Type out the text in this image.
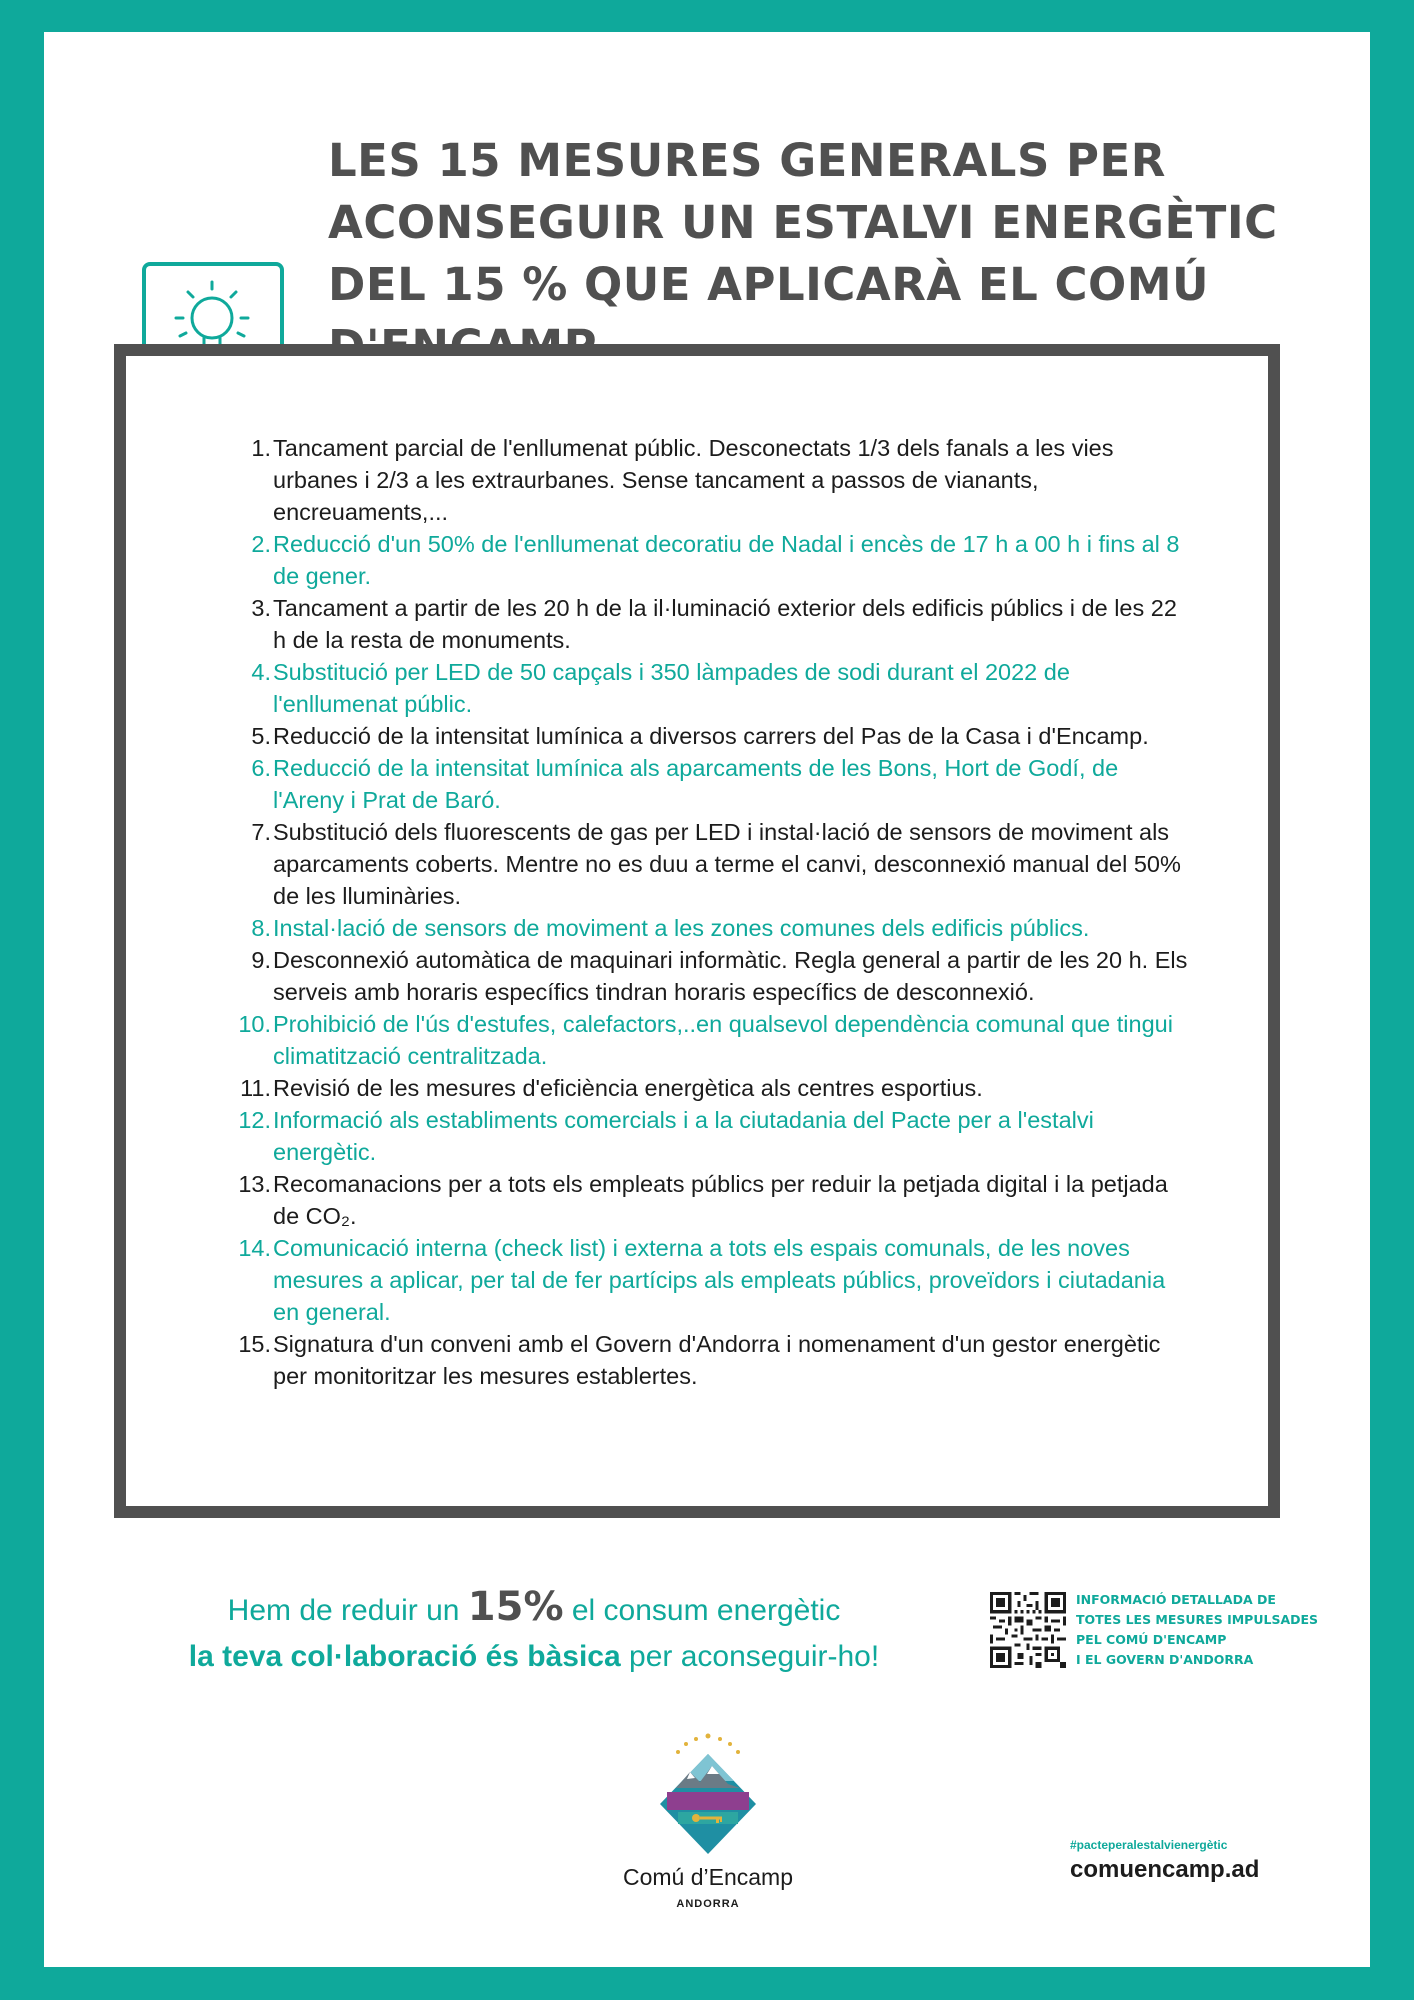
LES 15 MESURES GENERALS PER ACONSEGUIR UN ESTALVI ENERGÈTIC DEL 15 % QUE APLICARÀ EL COMÚ
1. Tancament parcial de l'enllumenat públic. Desconectats 1/3 dels fanals a les vies urbanes i 2/3 a les extraurbanes. Sense tancament a passos de vianants, encreuaments,...
2. Reducció d'un 50% de l'enllumenat decoratiu de Nadal i encès de 17 h a 00 h i fins al 8 de gener.
3. Tancament a partir de les 20 h de la il·luminació exterior dels edificis públics i de les 22 h de la resta de monuments.
4. Substitució per LED de 50 capçals i 350 làmpades de sodi durant el 2022 de l'enllumenat públic.
5. Reducció de la intensitat lumínica a diversos carrers del Pas de la Casa i d'Encamp.
6. Reducció de la intensitat lumínica als aparcaments de les Bons, Hort de Godí, de l'Areny i Prat de Baró.
7. Substitució dels fluorescents de gas per LED i instal·lació de sensors de moviment als aparcaments coberts. Mentre no es duu a terme el canvi, desconnexió manual del 50% de les lluminàries.
8. Instal·lació de sensors de moviment a les zones comunes dels edificis públics.
9. Desconnexió automàtica de maquinari informàtic. Regla general a partir de les 20 h. Els serveis amb horaris específics tindran horaris específics de desconnexió.
10. Prohibició de l'ús d'estufes, calefactors,..en qualsevol dependència comunal que tingui climatització centralitzada.
11. Revisió de les mesures d'eficiència energètica als centres esportius.
12. Informació als establiments comercials i a la ciutadania del Pacte per a l'estalvi energètic.
13. Recomanacions per a tots els empleats públics per reduir la petjada digital i la petjada de CO₂.
14. Comunicació interna (check list) i externa a tots els espais comunals, de les noves mesures a aplicar, per tal de fer partícips als empleats públics, proveïdors i ciutadania en general.
15. Signatura d'un conveni amb el Govern d'Andorra i nomenament d'un gestor energètic per monitoritzar les mesures establertes.
Hem de reduir un 15% el consum energètic
la teva col·laboració és bàsica per aconseguir-ho!
INFORMACIÓ DETALLADA DE
TOTES LES MESURES IMPULSADES
PEL COMÚ D'ENCAMP
I EL GOVERN D'ANDORRA
Comú d’Encamp
ANDORRA
#pacteperalestalvienergètic
comuencamp.ad
